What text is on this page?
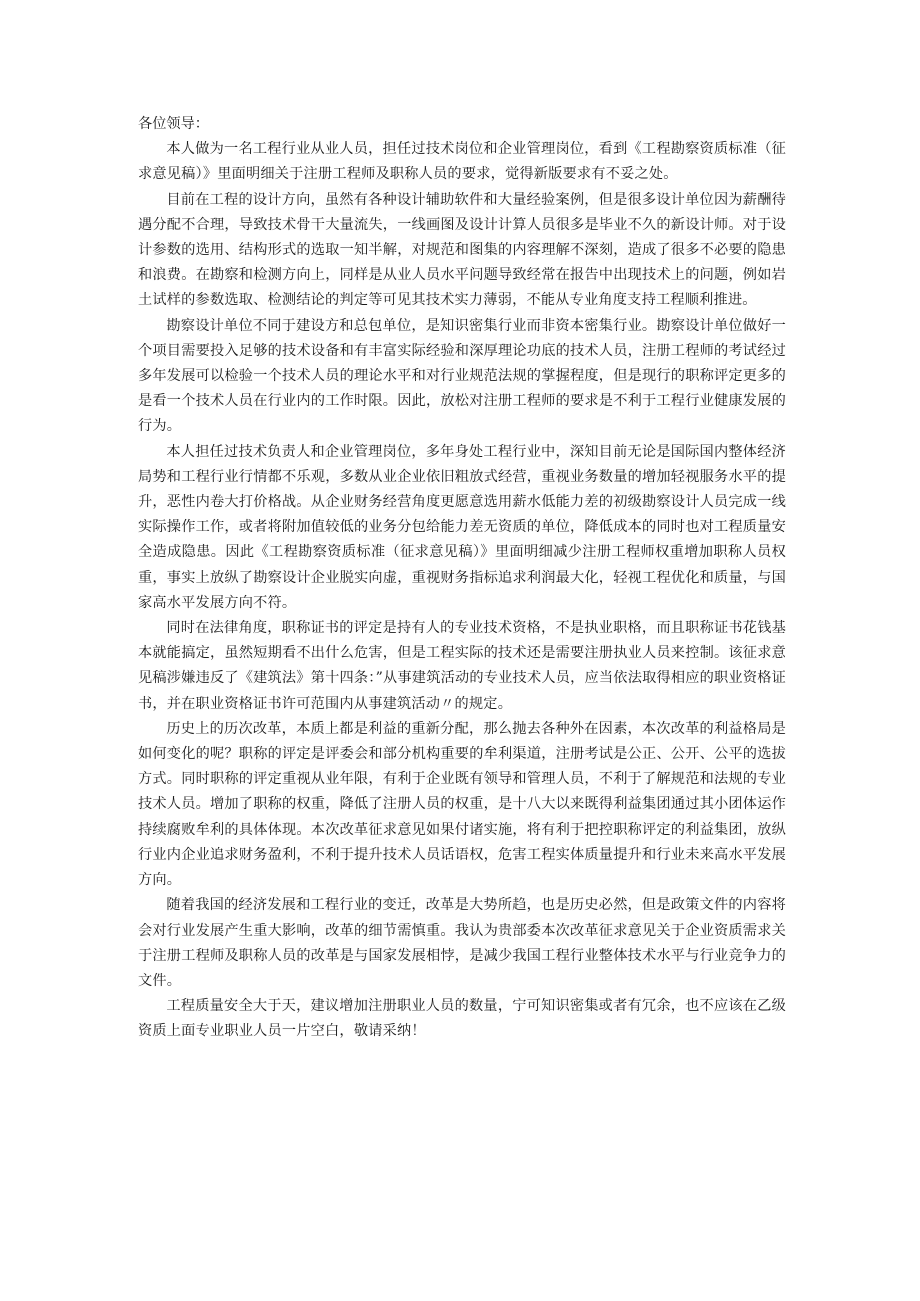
各位领导：

本人做为一名工程行业从业人员，担任过技术岗位和企业管理岗位，看到《工程勘察资质标准（征求意见稿）》里面明细关于注册工程师及职称人员的要求，觉得新版要求有不妥之处。

目前在工程的设计方向，虽然有各种设计辅助软件和大量经验案例，但是很多设计单位因为薪酬待遇分配不合理，导致技术骨干大量流失，一线画图及设计计算人员很多是毕业不久的新设计师。对于设计参数的选用、结构形式的选取一知半解，对规范和图集的内容理解不深刻，造成了很多不必要的隐患和浪费。在勘察和检测方向上，同样是从业人员水平问题导致经常在报告中出现技术上的问题，例如岩土试样的参数选取、检测结论的判定等可见其技术实力薄弱，不能从专业角度支持工程顺利推进。

勘察设计单位不同于建设方和总包单位，是知识密集行业而非资本密集行业。勘察设计单位做好一个项目需要投入足够的技术设备和有丰富实际经验和深厚理论功底的技术人员，注册工程师的考试经过多年发展可以检验一个技术人员的理论水平和对行业规范法规的掌握程度，但是现行的职称评定更多的是看一个技术人员在行业内的工作时限。因此，放松对注册工程师的要求是不利于工程行业健康发展的行为。

本人担任过技术负责人和企业管理岗位，多年身处工程行业中，深知目前无论是国际国内整体经济局势和工程行业行情都不乐观，多数从业企业依旧粗放式经营，重视业务数量的增加轻视服务水平的提升，恶性内卷大打价格战。从企业财务经营角度更愿意选用薪水低能力差的初级勘察设计人员完成一线实际操作工作，或者将附加值较低的业务分包给能力差无资质的单位，降低成本的同时也对工程质量安全造成隐患。因此《工程勘察资质标准（征求意见稿）》里面明细减少注册工程师权重增加职称人员权重，事实上放纵了勘察设计企业脱实向虚，重视财务指标追求利润最大化，轻视工程优化和质量，与国家高水平发展方向不符。

同时在法律角度，职称证书的评定是持有人的专业技术资格，不是执业职格，而且职称证书花钱基本就能搞定，虽然短期看不出什么危害，但是工程实际的技术还是需要注册执业人员来控制。该征求意见稿涉嫌违反了《建筑法》第十四条：”从事建筑活动的专业技术人员，应当依法取得相应的职业资格证书，并在职业资格证书许可范围内从事建筑活动〃的规定。

历史上的历次改革，本质上都是利益的重新分配，那么抛去各种外在因素，本次改革的利益格局是如何变化的呢？职称的评定是评委会和部分机构重要的牟利渠道，注册考试是公正、公开、公平的选拔方式。同时职称的评定重视从业年限，有利于企业既有领导和管理人员，不利于了解规范和法规的专业技术人员。增加了职称的权重，降低了注册人员的权重，是十八大以来既得利益集团通过其小团体运作持续腐败牟利的具体体现。本次改革征求意见如果付诸实施，将有利于把控职称评定的利益集团，放纵行业内企业追求财务盈利，不利于提升技术人员话语权，危害工程实体质量提升和行业未来高水平发展方向。

随着我国的经济发展和工程行业的变迁，改革是大势所趋，也是历史必然，但是政策文件的内容将会对行业发展产生重大影响，改革的细节需慎重。我认为贵部委本次改革征求意见关于企业资质需求关于注册工程师及职称人员的改革是与国家发展相悖，是减少我国工程行业整体技术水平与行业竞争力的文件。

工程质量安全大于天，建议增加注册职业人员的数量，宁可知识密集或者有冗余，也不应该在乙级资质上面专业职业人员一片空白，敬请采纳！
